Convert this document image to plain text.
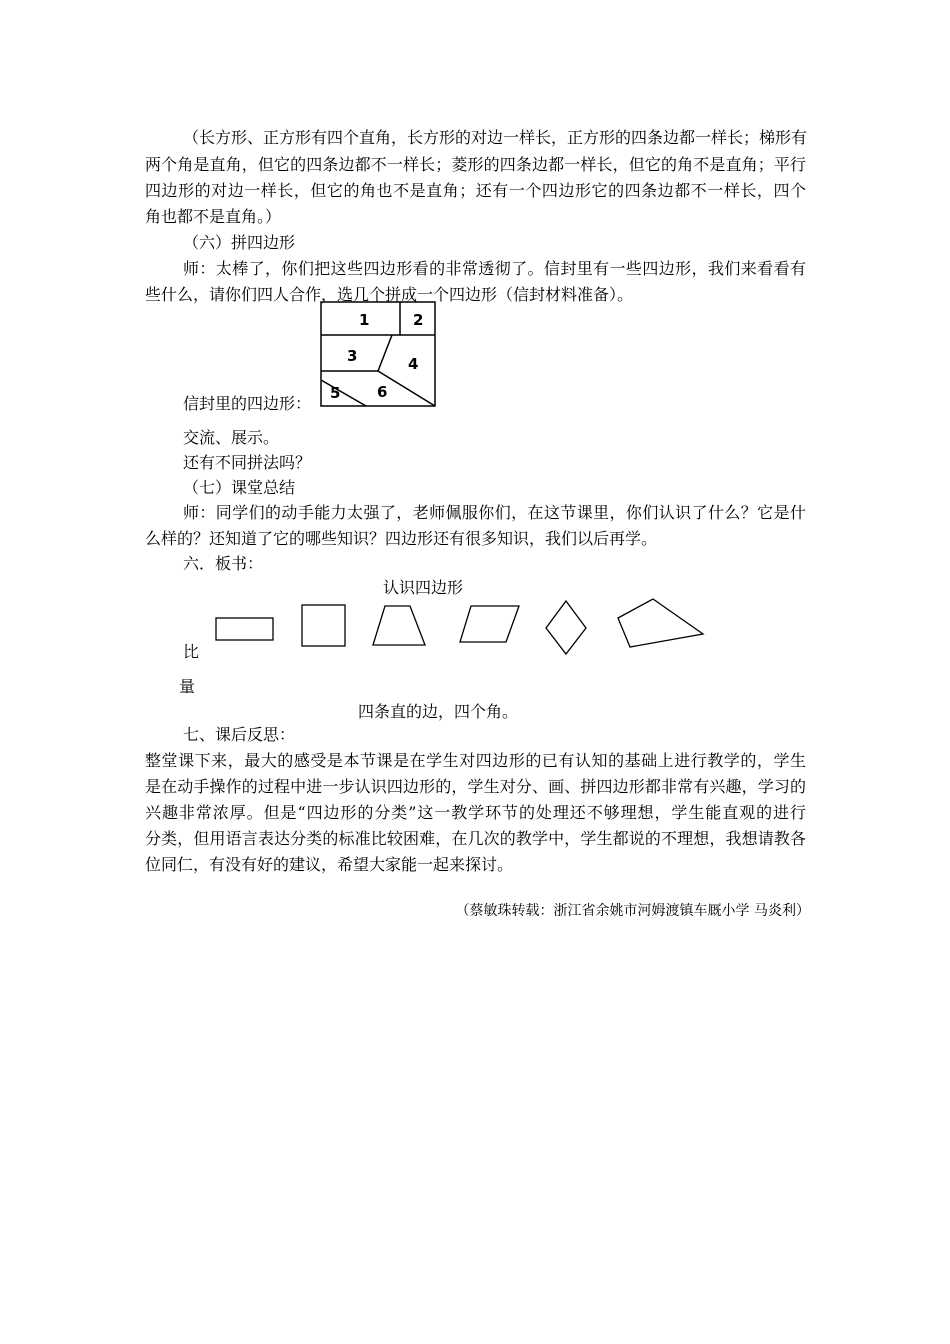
（长方形、正方形有四个直角，长方形的对边一样长，正方形的四条边都一样长；梯形有
两个角是直角，但它的四条边都不一样长；菱形的四条边都一样长，但它的角不是直角；平行
四边形的对边一样长，但它的角也不是直角；还有一个四边形它的四条边都不一样长，四个
角也都不是直角。）
（六）拼四边形
师：太棒了，你们把这些四边形看的非常透彻了。信封里有一些四边形，我们来看看有
些什么，请你们四人合作，选几个拼成一个四边形（信封材料准备）。
1	2
3	4
5 6
信封里的四边形：
交流、展示。
还有不同拼法吗？
（七）课堂总结
师：同学们的动手能力太强了，老师佩服你们，在这节课里，你们认识了什么？它是什
么样的？还知道了它的哪些知识？四边形还有很多知识，我们以后再学。
六．板书：
认识四边形
比
量
四条直的边，四个角。
七、课后反思：
整堂课下来，最大的感受是本节课是在学生对四边形的已有认知的基础上进行教学的，学生
是在动手操作的过程中进一步认识四边形的，学生对分、画、拼四边形都非常有兴趣，学习的
兴趣非常浓厚。但是“四边形的分类”这一教学环节的处理还不够理想，学生能直观的进行
分类，但用语言表达分类的标准比较困难，在几次的教学中，学生都说的不理想，我想请教各
位同仁，有没有好的建议，希望大家能一起来探讨。
（蔡敏珠转载：浙江省余姚市河姆渡镇车厩小学 马炎利）
